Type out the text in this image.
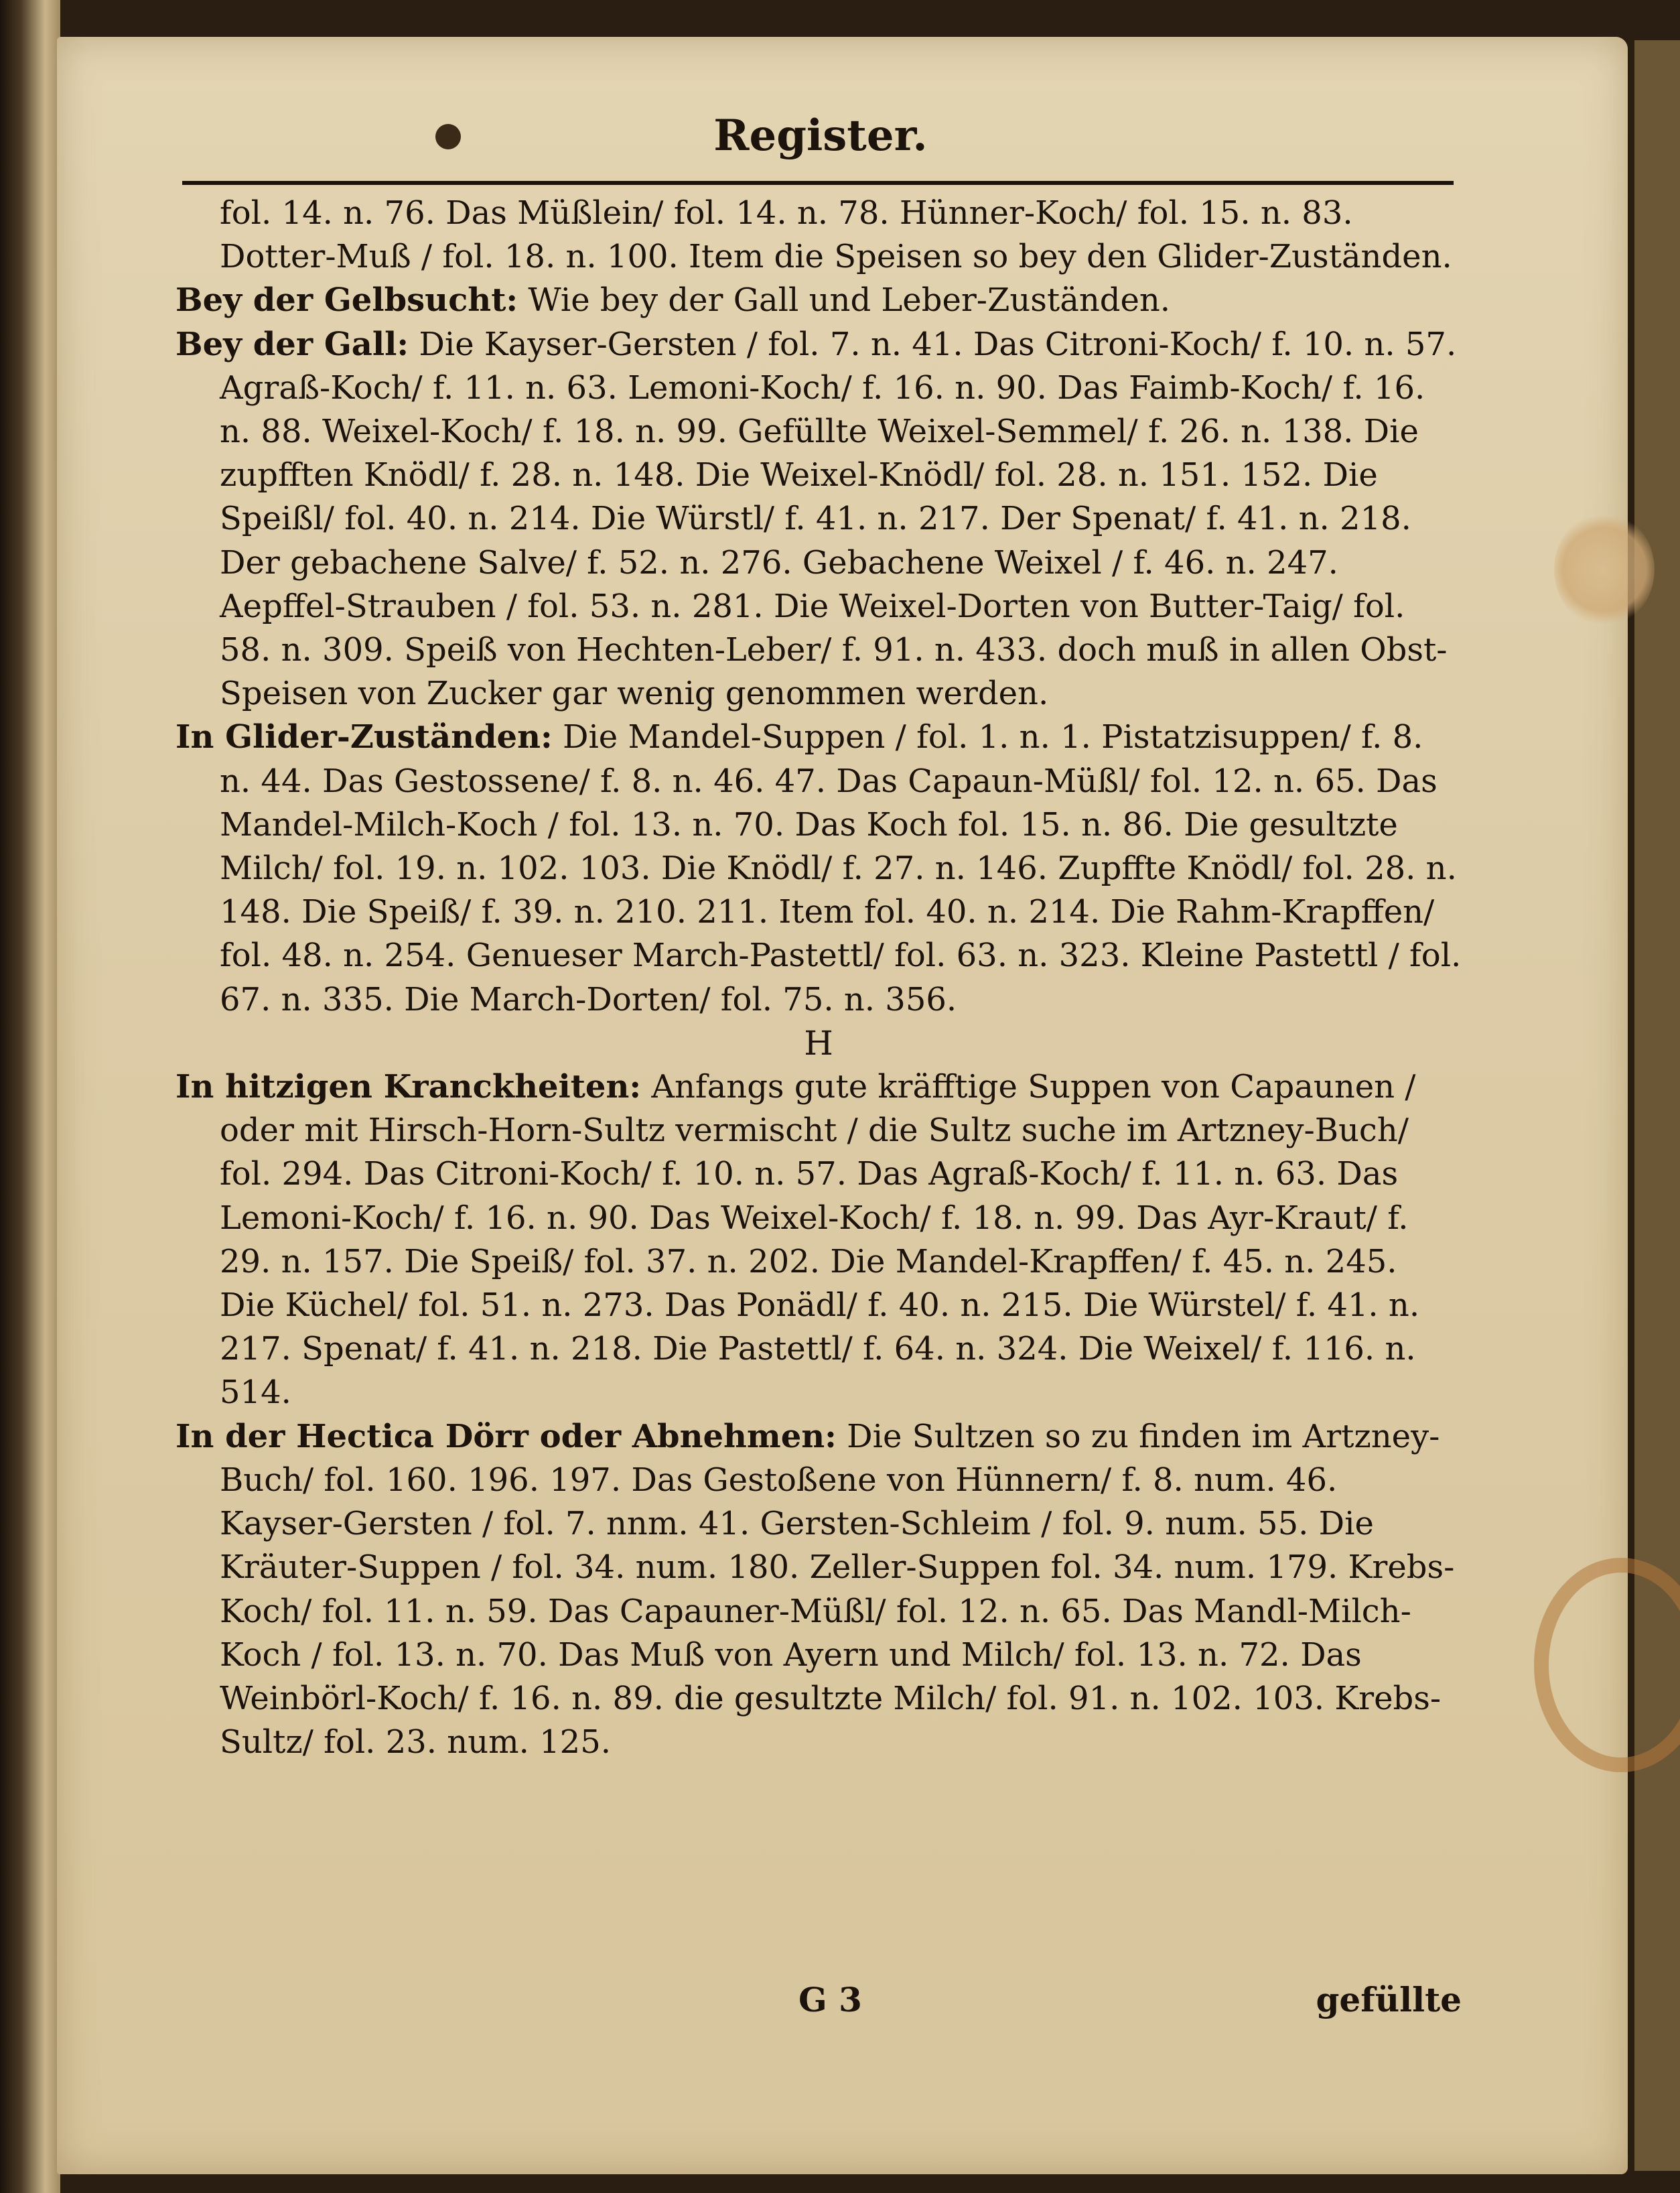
Register.

fol. 14. n. 76. Das Müßlein/ fol. 14. n. 78. Hünner-Koch/ fol. 15. n. 83. Dotter-Muß / fol. 18. n. 100. Item die Speisen so bey den Glider-Zuständen.

Bey der Gelbsucht: Wie bey der Gall und Leber-Zuständen.

Bey der Gall: Die Kayser-Gersten / fol. 7. n. 41. Das Citroni-Koch/ f. 10. n. 57. Agraß-Koch/ f. 11. n. 63. Lemoni-Koch/ f. 16. n. 90. Das Faimb-Koch/ f. 16. n. 88. Weixel-Koch/ f. 18. n. 99. Gefüllte Weixel-Semmel/ f. 26. n. 138. Die zupfften Knödl/ f. 28. n. 148. Die Weixel-Knödl/ fol. 28. n. 151. 152. Die Speißl/ fol. 40. n. 214. Die Würstl/ f. 41. n. 217. Der Spenat/ f. 41. n. 218. Der gebachene Salve/ f. 52. n. 276. Gebachene Weixel / f. 46. n. 247. Aepffel-Strauben / fol. 53. n. 281. Die Weixel-Dorten von Butter-Taig/ fol. 58. n. 309. Speiß von Hechten-Leber/ f. 91. n. 433. doch muß in allen Obst-Speisen von Zucker gar wenig genommen werden.

In Glider-Zuständen: Die Mandel-Suppen / fol. 1. n. 1. Pistatzisuppen/ f. 8. n. 44. Das Gestossene/ f. 8. n. 46. 47. Das Capaun-Müßl/ fol. 12. n. 65. Das Mandel-Milch-Koch / fol. 13. n. 70. Das Koch fol. 15. n. 86. Die gesultzte Milch/ fol. 19. n. 102. 103. Die Knödl/ f. 27. n. 146. Zupffte Knödl/ fol. 28. n. 148. Die Speiß/ f. 39. n. 210. 211. Item fol. 40. n. 214. Die Rahm-Krapffen/ fol. 48. n. 254. Genueser March-Pastettl/ fol. 63. n. 323. Kleine Pastettl / fol. 67. n. 335. Die March-Dorten/ fol. 75. n. 356.

H

In hitzigen Kranckheiten: Anfangs gute kräfftige Suppen von Capaunen / oder mit Hirsch-Horn-Sultz vermischt / die Sultz suche im Artzney-Buch/ fol. 294. Das Citroni-Koch/ f. 10. n. 57. Das Agraß-Koch/ f. 11. n. 63. Das Lemoni-Koch/ f. 16. n. 90. Das Weixel-Koch/ f. 18. n. 99. Das Ayr-Kraut/ f. 29. n. 157. Die Speiß/ fol. 37. n. 202. Die Mandel-Krapffen/ f. 45. n. 245. Die Küchel/ fol. 51. n. 273. Das Ponädl/ f. 40. n. 215. Die Würstel/ f. 41. n. 217. Spenat/ f. 41. n. 218. Die Pastettl/ f. 64. n. 324. Die Weixel/ f. 116. n. 514.

In der Hectica Dörr oder Abnehmen: Die Sultzen so zu finden im Artzney-Buch/ fol. 160. 196. 197. Das Gestoßene von Hünnern/ f. 8. num. 46. Kayser-Gersten / fol. 7. nnm. 41. Gersten-Schleim / fol. 9. num. 55. Die Kräuter-Suppen / fol. 34. num. 180. Zeller-Suppen fol. 34. num. 179. Krebs-Koch/ fol. 11. n. 59. Das Capauner-Müßl/ fol. 12. n. 65. Das Mandl-Milch-Koch / fol. 13. n. 70. Das Muß von Ayern und Milch/ fol. 13. n. 72. Das Weinbörl-Koch/ f. 16. n. 89. die gesultzte Milch/ fol. 91. n. 102. 103. Krebs-Sultz/ fol. 23. num. 125.

G 3	gefüllte
